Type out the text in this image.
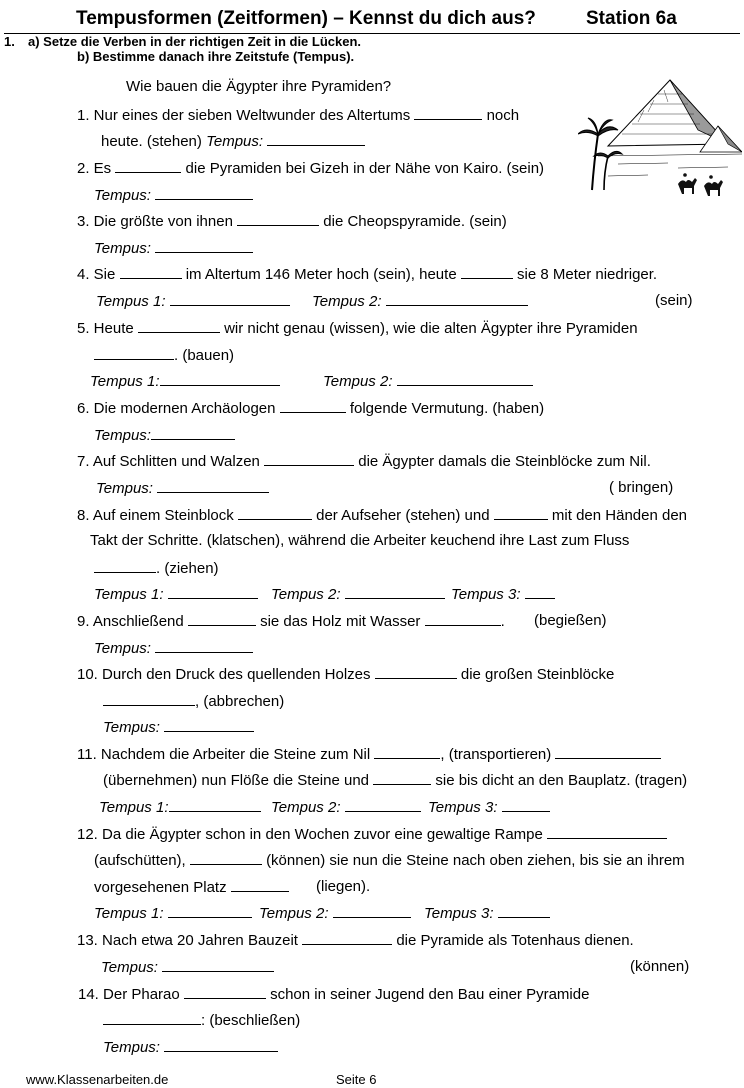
Tempusformen (Zeitformen) – Kennst du dich aus?	Station 6a
1. a) Setze die Verben in der richtigen Zeit in die Lücken.
b) Bestimme danach ihre Zeitstufe (Tempus).
Wie bauen die Ägypter ihre Pyramiden?
1. Nur eines der sieben Weltwunder des Altertums	noch
heute. (stehen) Tempus:
2. Es	die Pyramiden bei Gizeh in der Nähe von Kairo. (sein)
Tempus:
3. Die größte von ihnen	die Cheopspyramide. (sein)
Tempus:
4. Sie	im Altertum 146 Meter hoch (sein), heute	sie 8 Meter niedriger.
Tempus 1:	Tempus 2:	(sein)
5. Heute	wir nicht genau (wissen), wie die alten Ägypter ihre Pyramiden
. (bauen)
Tempus 1:	Tempus 2:
6. Die modernen Archäologen	folgende Vermutung. (haben)
Tempus:
7. Auf Schlitten und Walzen	die Ägypter damals die Steinblöcke zum Nil.
Tempus:	( bringen)
8. Auf einem Steinblock	der Aufseher (stehen) und	mit den Händen den
Takt der Schritte. (klatschen), während die Arbeiter keuchend ihre Last zum Fluss
. (ziehen)
Tempus 1:	Tempus 2:	Tempus 3:
9. Anschließend	sie das Holz mit Wasser	. (begießen)
Tempus:
10. Durch den Druck des quellenden Holzes	die großen Steinblöcke
, (abbrechen)
Tempus:
11. Nachdem die Arbeiter die Steine zum Nil	, (transportieren)
(übernehmen) nun Flöße die Steine und	sie bis dicht an den Bauplatz. (tragen)
Tempus 1:	Tempus 2:	Tempus 3:
12. Da die Ägypter schon in den Wochen zuvor eine gewaltige Rampe
(aufschütten),	(können) sie nun die Steine nach oben ziehen, bis sie an ihrem
vorgesehenen Platz	(liegen).
Tempus 1:	Tempus 2:	Tempus 3:
13. Nach etwa 20 Jahren Bauzeit	die Pyramide als Totenhaus dienen.
Tempus:	(können)
14. Der Pharao	schon in seiner Jugend den Bau einer Pyramide
: (beschließen)
Tempus:
www.Klassenarbeiten.de	Seite 6
